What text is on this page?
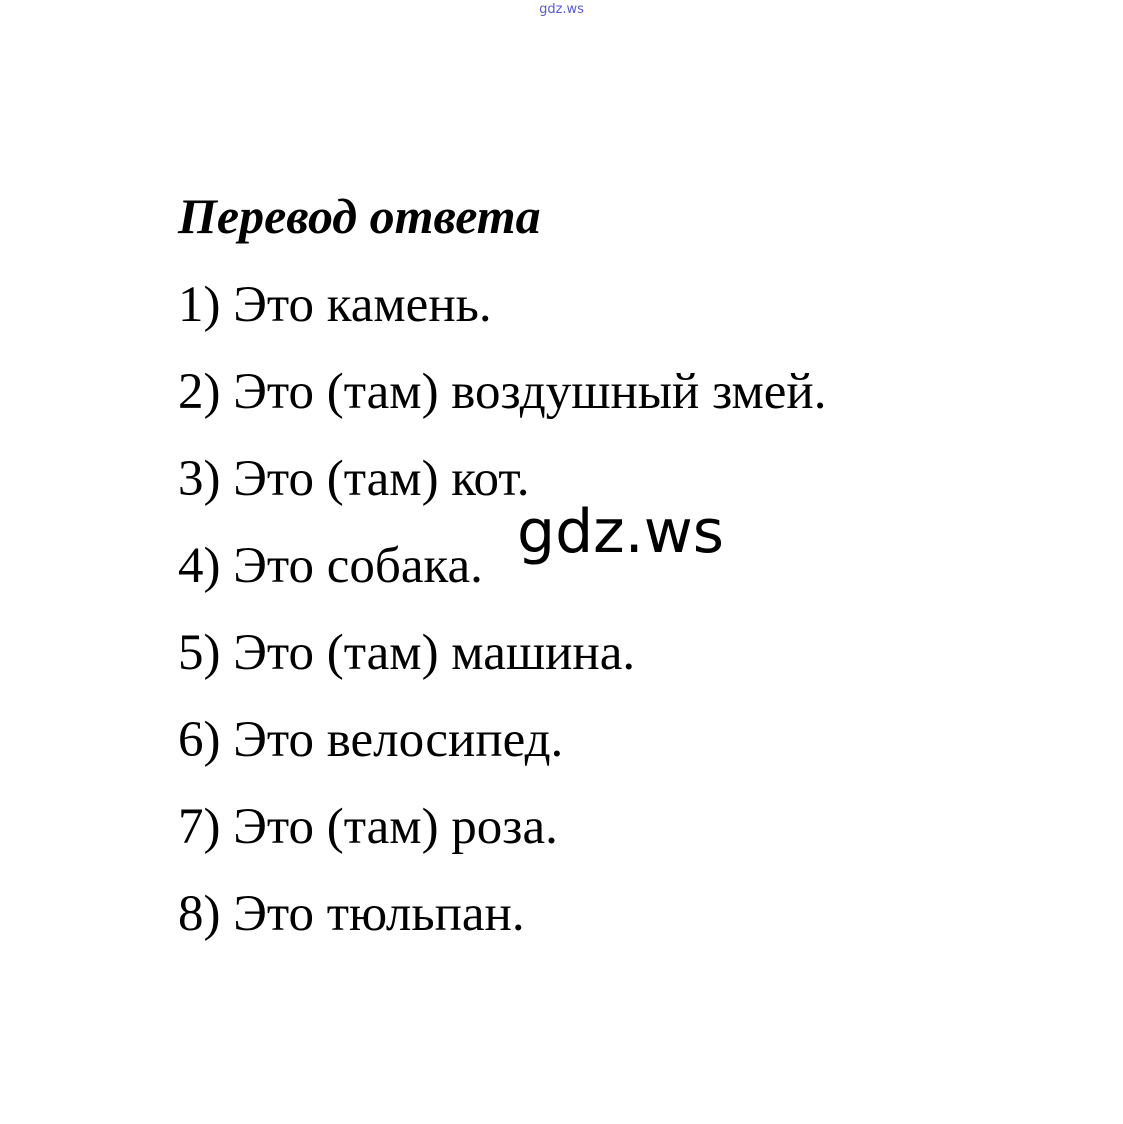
gdz.ws
Перевод ответа
1) Это камень.
2) Это (там) воздушный змей.
3) Это (там) кот.
4) Это собака.
5) Это (там) машина.
6) Это велосипед.
7) Это (там) роза.
8) Это тюльпан.
gdz.ws
